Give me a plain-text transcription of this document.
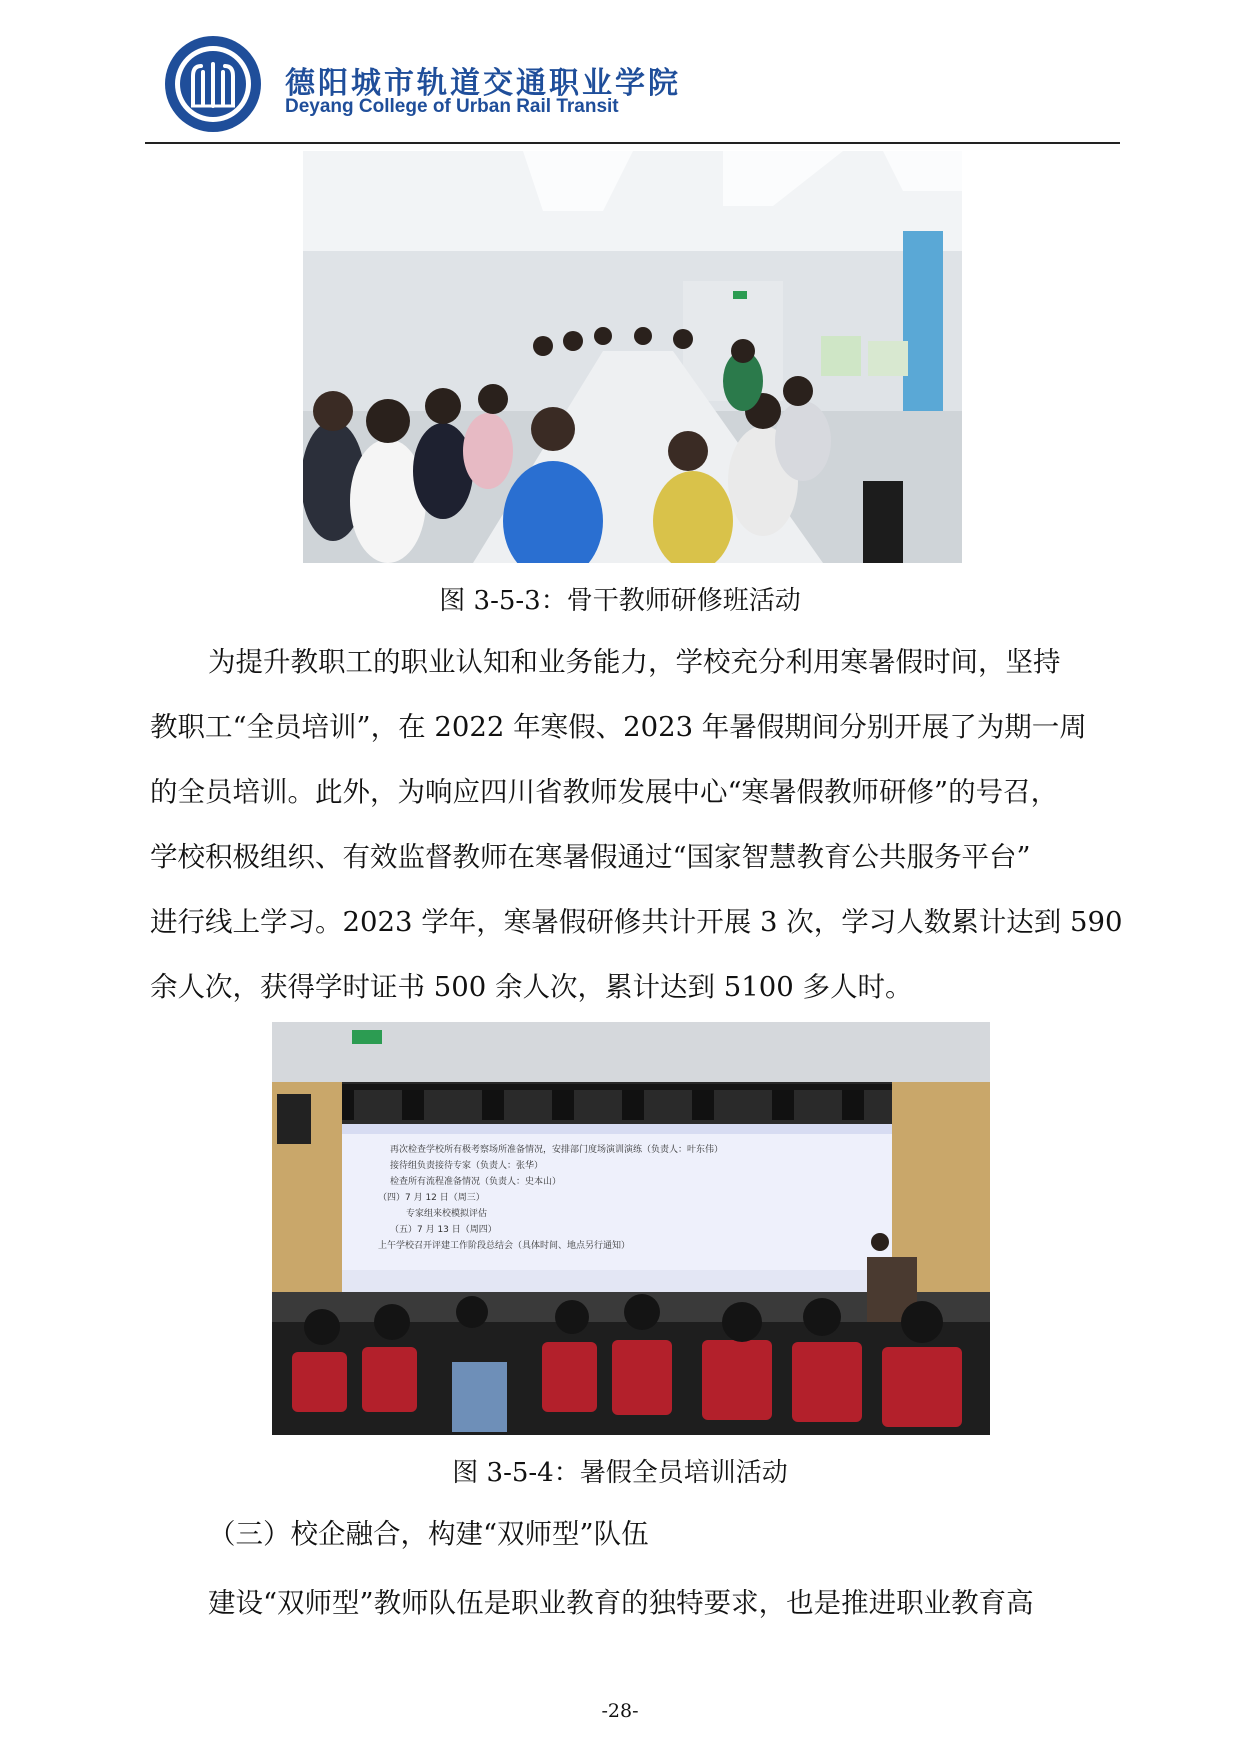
德阳城市轨道交通职业学院
Deyang College of Urban Rail Transit
图 3-5-3：骨干教师研修班活动
为提升教职工的职业认知和业务能力，学校充分利用寒暑假时间，坚持
教职工“全员培训”，在 2022 年寒假、2023 年暑假期间分别开展了为期一周
的全员培训。此外，为响应四川省教师发展中心“寒暑假教师研修”的号召，
学校积极组织、有效监督教师在寒暑假通过“国家智慧教育公共服务平台”
进行线上学习。2023 学年，寒暑假研修共计开展 3 次，学习人数累计达到 590
余人次，获得学时证书 500 余人次，累计达到 5100 多人时。
再次检查学校所有极考察场所准备情况，安排部门度场演训演练（负责人：叶东伟）
接待组负责接待专家（负责人：张华）
检查所有流程准备情况（负责人：史本山）
（四）7 月 12 日（周三）
专家组来校模拟评估
（五）7 月 13 日（周四）
上午学校召开评建工作阶段总结会（具体时间、地点另行通知）
图 3-5-4：暑假全员培训活动
（三）校企融合，构建“双师型”队伍
建设“双师型”教师队伍是职业教育的独特要求，也是推进职业教育高
-28-
